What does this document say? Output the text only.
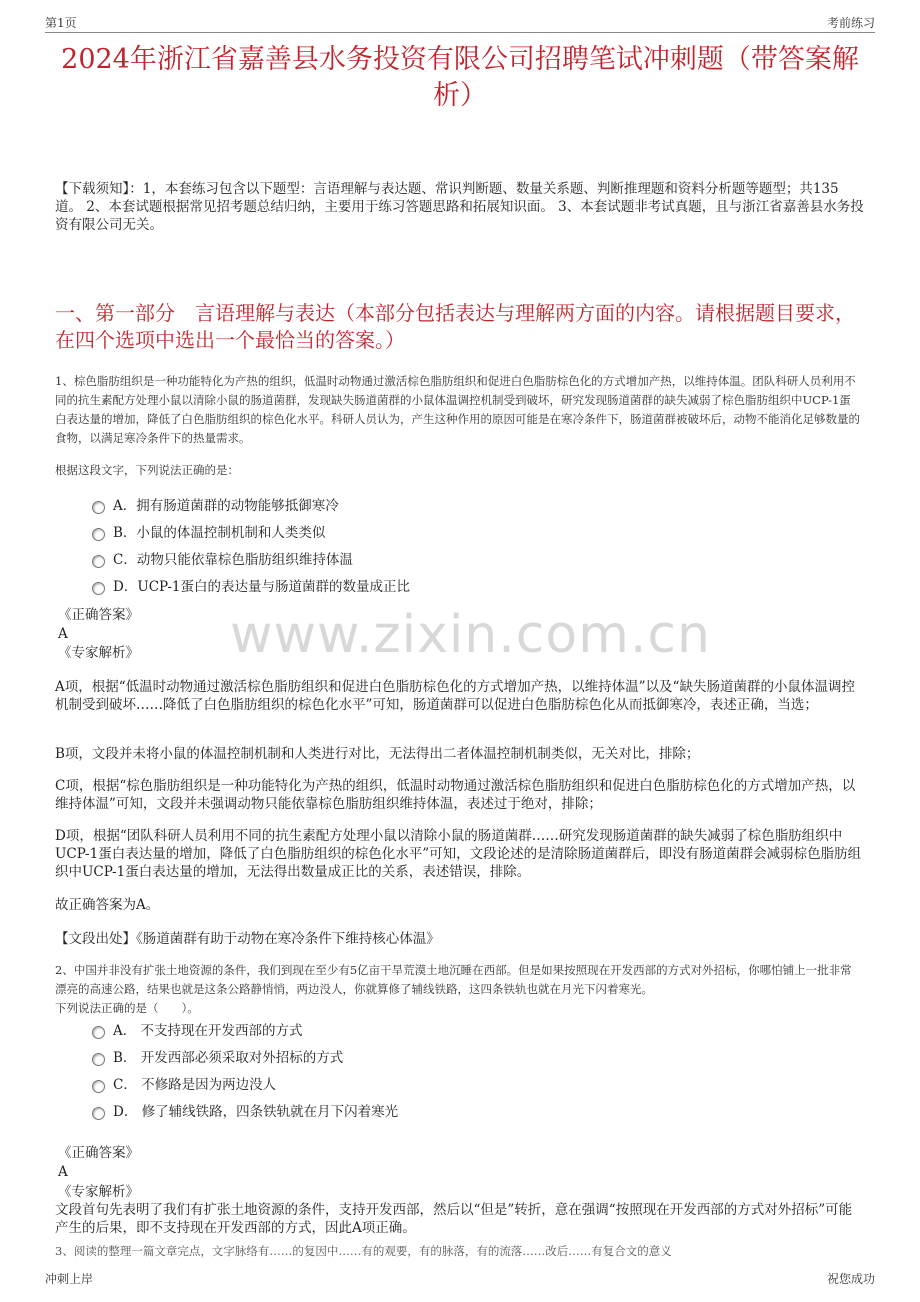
第1页	考前练习
2024年浙江省嘉善县水务投资有限公司招聘笔试冲刺题（带答案解析）
【下载须知】：1，本套练习包含以下题型：言语理解与表达题、常识判断题、数量关系题、判断推理题和资料分析题等题型；共135道。 2、本套试题根据常见招考题总结归纳，主要用于练习答题思路和拓展知识面。 3、本套试题非考试真题，且与浙江省嘉善县水务投资有限公司无关。
一、第一部分　言语理解与表达（本部分包括表达与理解两方面的内容。请根据题目要求，在四个选项中选出一个最恰当的答案。）
1、棕色脂肪组织是一种功能特化为产热的组织，低温时动物通过激活棕色脂肪组织和促进白色脂肪棕色化的方式增加产热，以维持体温。团队科研人员利用不同的抗生素配方处理小鼠以清除小鼠的肠道菌群，发现缺失肠道菌群的小鼠体温调控机制受到破坏，研究发现肠道菌群的缺失减弱了棕色脂肪组织中UCP-1蛋白表达量的增加，降低了白色脂肪组织的棕色化水平。科研人员认为，产生这种作用的原因可能是在寒冷条件下，肠道菌群被破坏后，动物不能消化足够数量的食物，以满足寒冷条件下的热量需求。
根据这段文字，下列说法正确的是：
A．拥有肠道菌群的动物能够抵御寒冷
B．小鼠的体温控制机制和人类类似
C．动物只能依靠棕色脂肪组织维持体温
D．UCP-1蛋白的表达量与肠道菌群的数量成正比
《正确答案》
A
《专家解析》 www.zixin.com.cn
A项，根据“低温时动物通过激活棕色脂肪组织和促进白色脂肪棕色化的方式增加产热，以维持体温”以及“缺失肠道菌群的小鼠体温调控机制受到破坏……降低了白色脂肪组织的棕色化水平”可知，肠道菌群可以促进白色脂肪棕色化从而抵御寒冷，表述正确，当选；
B项，文段并未将小鼠的体温控制机制和人类进行对比，无法得出二者体温控制机制类似，无关对比，排除；
C项，根据“棕色脂肪组织是一种功能特化为产热的组织，低温时动物通过激活棕色脂肪组织和促进白色脂肪棕色化的方式增加产热，以维持体温”可知，文段并未强调动物只能依靠棕色脂肪组织维持体温，表述过于绝对，排除；
D项，根据“团队科研人员利用不同的抗生素配方处理小鼠以清除小鼠的肠道菌群……研究发现肠道菌群的缺失减弱了棕色脂肪组织中UCP-1蛋白表达量的增加，降低了白色脂肪组织的棕色化水平”可知，文段论述的是清除肠道菌群后，即没有肠道菌群会减弱棕色脂肪组织中UCP-1蛋白表达量的增加，无法得出数量成正比的关系，表述错误，排除。
故正确答案为A。
【文段出处】《肠道菌群有助于动物在寒冷条件下维持核心体温》
2、中国并非没有扩张土地资源的条件，我们到现在至少有5亿亩干旱荒漠土地沉睡在西部。但是如果按照现在开发西部的方式对外招标，你哪怕铺上一批非常漂亮的高速公路，结果也就是这条公路静悄悄，两边没人，你就算修了辅线铁路，这四条铁轨也就在月光下闪着寒光。
下列说法正确的是（　　）。
A． 不支持现在开发西部的方式
B． 开发西部必须采取对外招标的方式
C． 不修路是因为两边没人
D． 修了辅线铁路，四条铁轨就在月下闪着寒光
《正确答案》
A
《专家解析》
文段首句先表明了我们有扩张土地资源的条件，支持开发西部，然后以“但是”转折，意在强调“按照现在开发西部的方式对外招标”可能产生的后果，即不支持现在开发西部的方式，因此A项正确。
3、阅读的整理一篇文章完点，文字脉络有……的复因中……有的观要，有的脉落，有的流落……改后……有复合文的意义
冲刺上岸	祝您成功
